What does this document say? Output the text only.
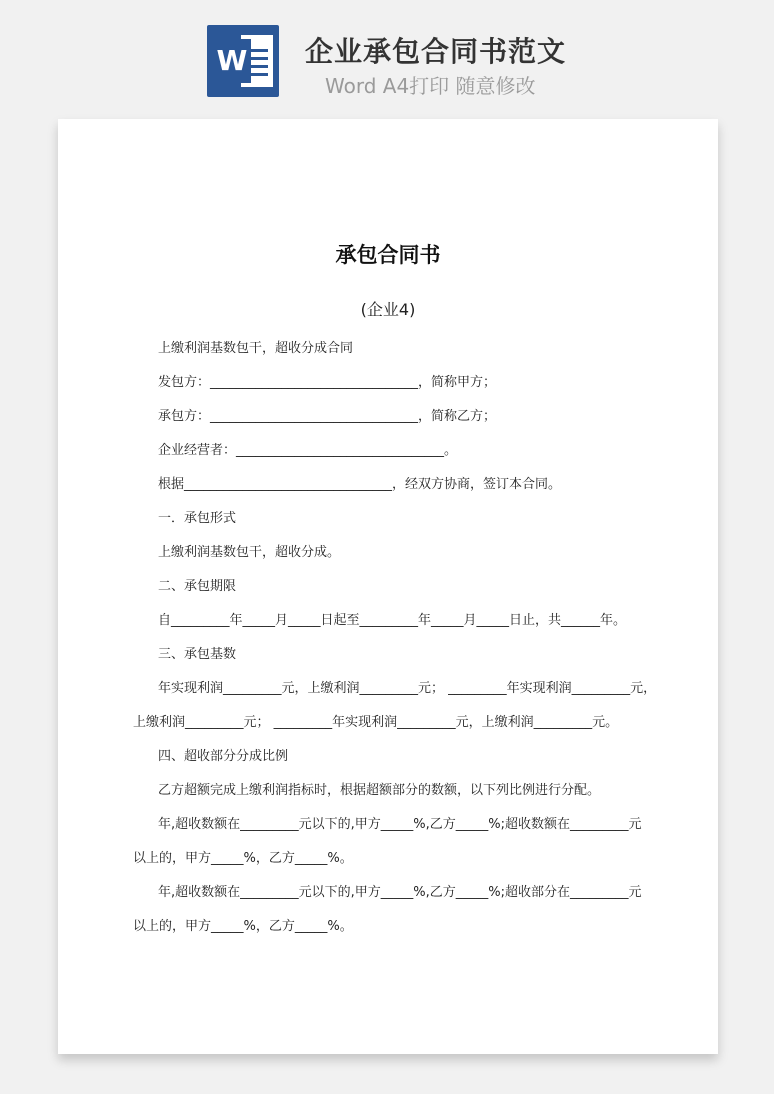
W 企业承包合同书范文
Word A4打印 随意修改
承包合同书
(企业4)
上缴利润基数包干，超收分成合同
发包方：________________________________，简称甲方；
承包方：________________________________，简称乙方；
企业经营者：________________________________。
根据________________________________，经双方协商，签订本合同。
一．承包形式
上缴利润基数包干，超收分成。
二、承包期限
自_________年_____月_____日起至_________年_____月_____日止，共______年。
三、承包基数
年实现利润_________元，上缴利润_________元； _________年实现利润_________元，
上缴利润_________元； _________年实现利润_________元，上缴利润_________元。
四、超收部分分成比例
乙方超额完成上缴利润指标时，根据超额部分的数额，以下列比例进行分配。
年,超收数额在_________元以下的,甲方_____%,乙方_____%;超收数额在_________元
以上的，甲方_____%，乙方_____%。
年,超收数额在_________元以下的,甲方_____%,乙方_____%;超收部分在_________元
以上的，甲方_____%，乙方_____%。
